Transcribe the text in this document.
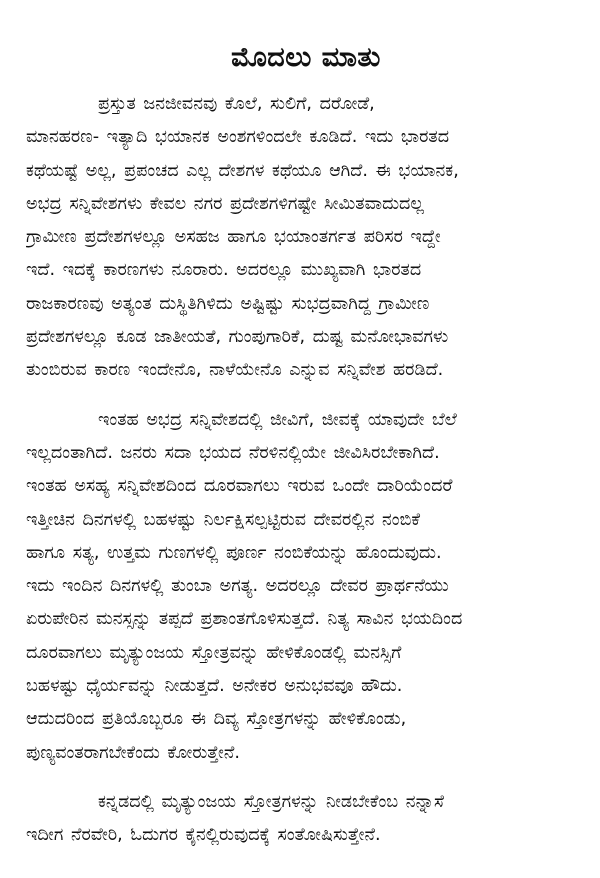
ಮೊದಲು ಮಾತು

ಪ್ರಸ್ತುತ ಜನಜೀವನವು ಕೊಲೆ, ಸುಲಿಗೆ, ದರೋಡೆ,
ಮಾನಹರಣ- ಇತ್ಯಾದಿ ಭಯಾನಕ ಅಂಶಗಳಿಂದಲೇ ಕೂಡಿದೆ. ಇದು ಭಾರತದ
ಕಥೆಯಷ್ಟೆ ಅಲ್ಲ, ಪ್ರಪಂಚದ ಎಲ್ಲ ದೇಶಗಳ ಕಥೆಯೂ ಆಗಿದೆ. ಈ ಭಯಾನಕ,
ಅಭದ್ರ ಸನ್ನಿವೇಶಗಳು ಕೇವಲ ನಗರ ಪ್ರದೇಶಗಳಿಗಷ್ಟೇ ಸೀಮಿತವಾದುದಲ್ಲ
ಗ್ರಾಮೀಣ ಪ್ರದೇಶಗಳಲ್ಲೂ ಅಸಹಜ ಹಾಗೂ ಭಯಾಂತರ್ಗತ ಪರಿಸರ ಇದ್ದೇ
ಇದೆ. ಇದಕ್ಕೆ ಕಾರಣಗಳು ನೂರಾರು. ಅದರಲ್ಲೂ ಮುಖ್ಯವಾಗಿ ಭಾರತದ
ರಾಜಕಾರಣವು ಅತ್ಯಂತ ದುಸ್ಥಿತಿಗಿಳಿದು ಅಷ್ಟಿಷ್ಟು ಸುಭದ್ರವಾಗಿದ್ದ ಗ್ರಾಮೀಣ
ಪ್ರದೇಶಗಳಲ್ಲೂ ಕೂಡ ಜಾತೀಯತೆ, ಗುಂಪುಗಾರಿಕೆ, ದುಷ್ಟ ಮನೋಭಾವಗಳು
ತುಂಬಿರುವ ಕಾರಣ ಇಂದೇನೊ, ನಾಳೆಯೇನೊ ಎನ್ನುವ ಸನ್ನಿವೇಶ ಹರಡಿದೆ.

ಇಂತಹ ಅಭದ್ರ ಸನ್ನಿವೇಶದಲ್ಲಿ ಜೀವಿಗೆ, ಜೀವಕ್ಕೆ ಯಾವುದೇ ಬೆಲೆ
ಇಲ್ಲದಂತಾಗಿದೆ. ಜನರು ಸದಾ ಭಯದ ನೆರಳಿನಲ್ಲಿಯೇ ಜೀವಿಸಿರಬೇಕಾಗಿದೆ.
ಇಂತಹ ಅಸಹ್ಯ ಸನ್ನಿವೇಶದಿಂದ ದೂರವಾಗಲು ಇರುವ ಒಂದೇ ದಾರಿಯೆಂದರೆ
ಇತ್ತೀಚಿನ ದಿನಗಳಲ್ಲಿ ಬಹಳಷ್ಟು ನಿರ್ಲಕ್ಷಿಸಲ್ಪಟ್ಟಿರುವ ದೇವರಲ್ಲಿನ ನಂಬಿಕೆ
ಹಾಗೂ ಸತ್ಯ, ಉತ್ತಮ ಗುಣಗಳಲ್ಲಿ ಪೂರ್ಣ ನಂಬಿಕೆಯನ್ನು ಹೊಂದುವುದು.
ಇದು ಇಂದಿನ ದಿನಗಳಲ್ಲಿ ತುಂಬಾ ಅಗತ್ಯ. ಅದರಲ್ಲೂ ದೇವರ ಪ್ರಾರ್ಥನೆಯು
ಏರುಪೇರಿನ ಮನಸ್ಸನ್ನು ತಪ್ಪದೆ ಪ್ರಶಾಂತಗೊಳಿಸುತ್ತದೆ. ನಿತ್ಯ ಸಾವಿನ ಭಯದಿಂದ
ದೂರವಾಗಲು ಮೃತ್ಯುಂಜಯ ಸ್ತೋತ್ರವನ್ನು ಹೇಳಿಕೊಂಡಲ್ಲಿ ಮನಸ್ಸಿಗೆ
ಬಹಳಷ್ಟು ಧೈರ್ಯವನ್ನು ನೀಡುತ್ತದೆ. ಅನೇಕರ ಅನುಭವವೂ ಹೌದು.
ಆದುದರಿಂದ ಪ್ರತಿಯೊಬ್ಬರೂ ಈ ದಿವ್ಯ ಸ್ತೋತ್ರಗಳನ್ನು ಹೇಳಿಕೊಂಡು,
ಪುಣ್ಯವಂತರಾಗಬೇಕೆಂದು ಕೋರುತ್ತೇನೆ.

ಕನ್ನಡದಲ್ಲಿ ಮೃತ್ಯುಂಜಯ ಸ್ತೋತ್ರಗಳನ್ನು ನೀಡಬೇಕೆಂಬ ನನ್ನಾಸೆ
ಇದೀಗ ನೆರವೇರಿ, ಓದುಗರ ಕೈನಲ್ಲಿರುವುದಕ್ಕೆ ಸಂತೋಷಿಸುತ್ತೇನೆ.
